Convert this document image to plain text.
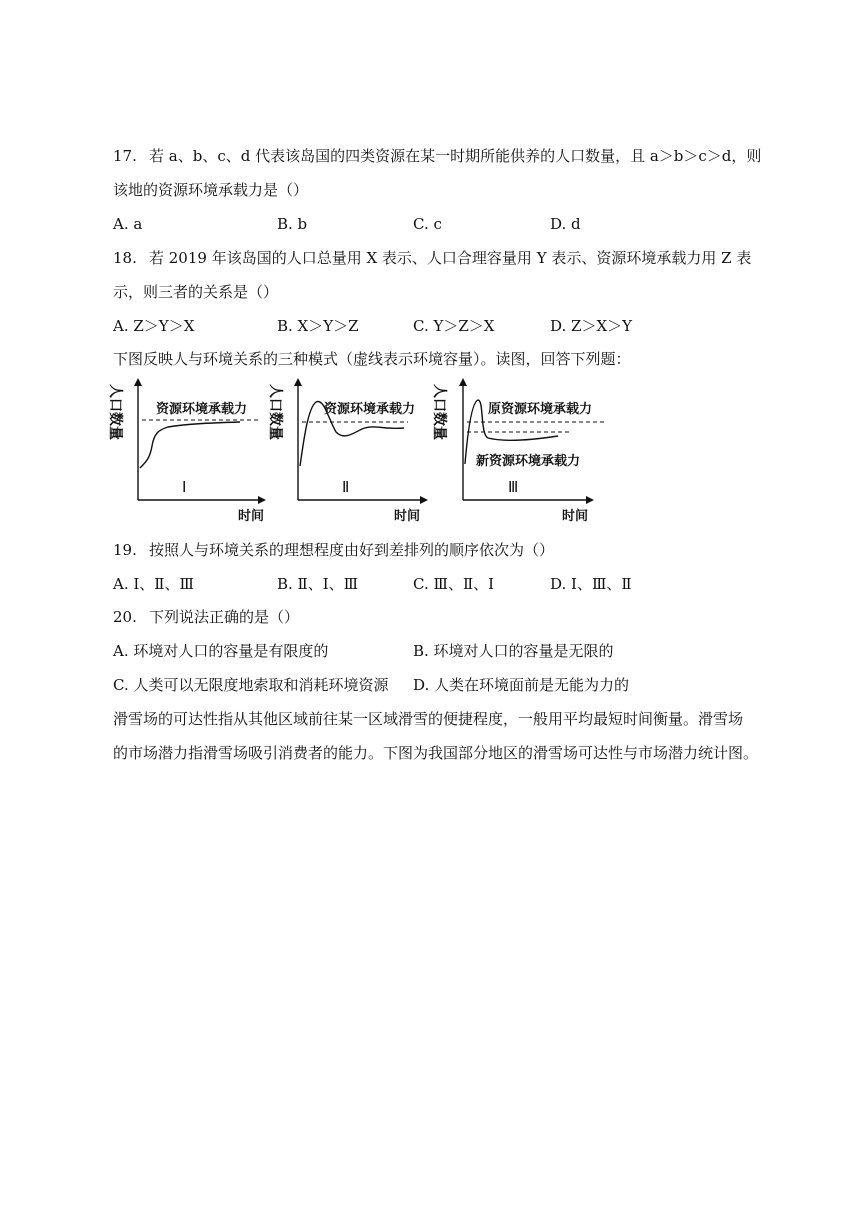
17. 若 a、b、c、d 代表该岛国的四类资源在某一时期所能供养的人口数量，且 a＞b＞c＞d，则
该地的资源环境承载力是（）
A. a	B. b	C. c	D. d
18. 若 2019 年该岛国的人口总量用 X 表示、人口合理容量用 Y 表示、资源环境承载力用 Z 表
示，则三者的关系是（）
A. Z＞Y＞X	B. X＞Y＞Z	C. Y＞Z＞X	D. Z＞X＞Y
下图反映人与环境关系的三种模式（虚线表示环境容量）。读图，回答下列题：
人口数量	人口数量	人口数量
资源环境承载力	资源环境承载力	原资源环境承载力
新资源环境承载力
Ⅰ	Ⅱ	Ⅲ
时间	时间	时间
19. 按照人与环境关系的理想程度由好到差排列的顺序依次为（）
A. Ⅰ、Ⅱ、Ⅲ	B. Ⅱ、Ⅰ、Ⅲ	C. Ⅲ、Ⅱ、Ⅰ	D. Ⅰ、Ⅲ、Ⅱ
20. 下列说法正确的是（）
A. 环境对人口的容量是有限度的	B. 环境对人口的容量是无限的
C. 人类可以无限度地索取和消耗环境资源 D. 人类在环境面前是无能为力的
滑雪场的可达性指从其他区域前往某一区域滑雪的便捷程度，一般用平均最短时间衡量。滑雪场
的市场潜力指滑雪场吸引消费者的能力。下图为我国部分地区的滑雪场可达性与市场潜力统计图。
